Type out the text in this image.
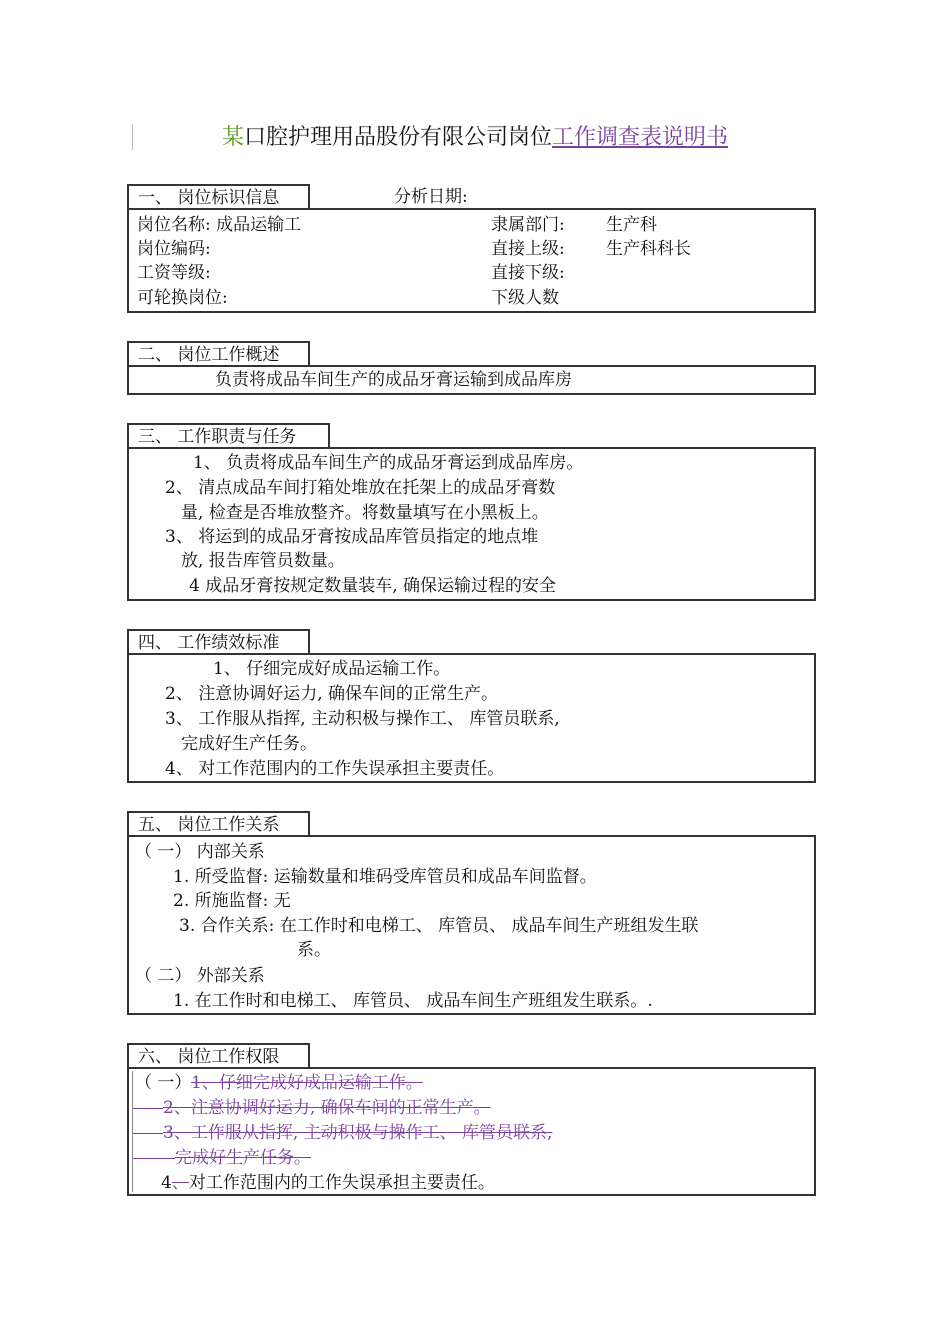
某口腔护理用品股份有限公司岗位工作调查表说明书
一、 岗位标识信息	分析日期:
岗位名称: 成品运输工	隶属部门: 生产科
岗位编码:	直接上级: 生产科科长
工资等级:	直接下级:
可轮换岗位:	下级人数
二、 岗位工作概述
负责将成品车间生产的成品牙膏运输到成品库房
三、 工作职责与任务
1、 负责将成品车间生产的成品牙膏运到成品库房。
2、 清点成品车间打箱处堆放在托架上的成品牙膏数
量, 检查是否堆放整齐。将数量填写在小黑板上。
3、 将运到的成品牙膏按成品库管员指定的地点堆
放, 报告库管员数量。
4 成品牙膏按规定数量装车, 确保运输过程的安全
四、 工作绩效标准
1、 仔细完成好成品运输工作。
2、 注意协调好运力, 确保车间的正常生产。
3、 工作服从指挥, 主动积极与操作工、 库管员联系,
完成好生产任务。
4、 对工作范围内的工作失误承担主要责任。
五、 岗位工作关系
（ 一） 内部关系
1. 所受监督: 运输数量和堆码受库管员和成品车间监督。
2. 所施监督: 无
3. 合作关系: 在工作时和电梯工、 库管员、 成品车间生产班组发生联
系。
（ 二） 外部关系
1. 在工作时和电梯工、 库管员、 成品车间生产班组发生联系。.
六、 岗位工作权限
（ 一） 1、仔细完成好成品运输工作。
2、注意协调好运力, 确保车间的正常生产。
3、工作服从指挥, 主动积极与操作工、 库管员联系,
完成好生产任务。
4、对工作范围内的工作失误承担主要责任。
